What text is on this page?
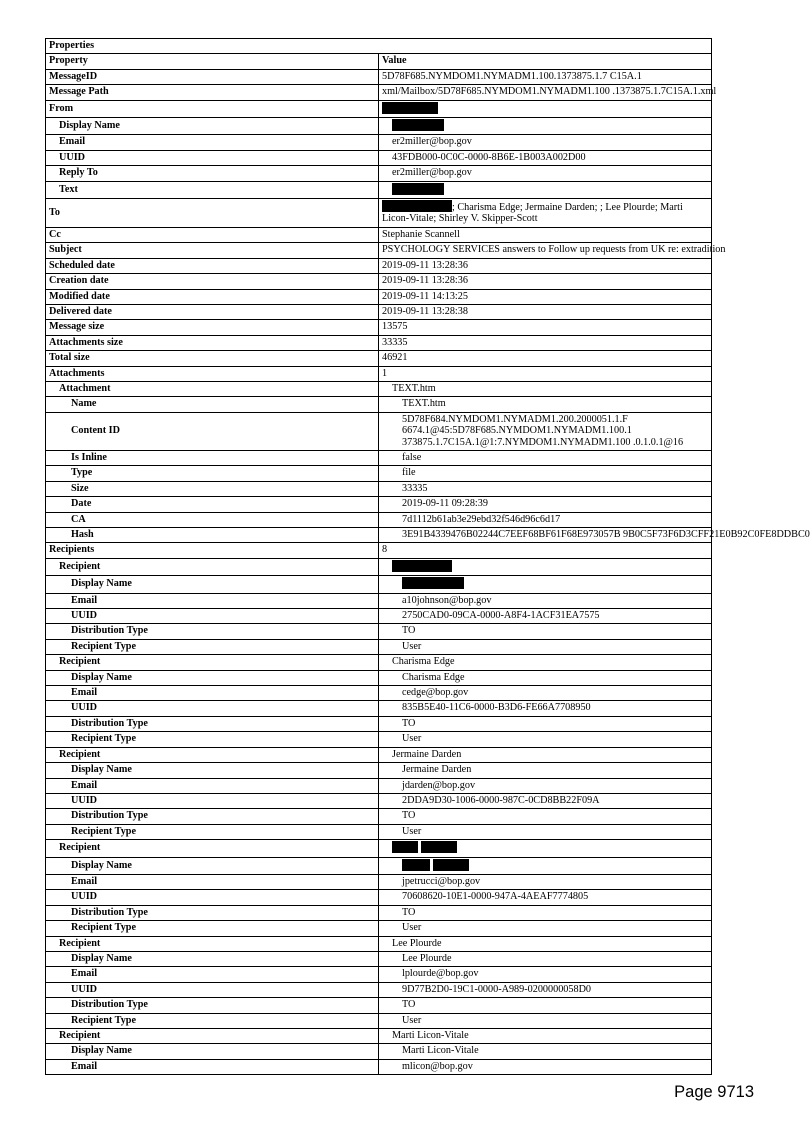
Properties	
Property	Value
MessageID	5D78F685.NYMDOM1.NYMADM1.100.1373875.1.7 C15A.1
Message Path	xml/Mailbox/5D78F685.NYMDOM1.NYMADM1.100 .1373875.1.7C15A.1.xml
From	
Display Name	
Email	er2miller@bop.gov
UUID	43FDB000-0C0C-0000-8B6E-1B003A002D00
Reply To	er2miller@bop.gov
Text	
To	; Charisma Edge; Jermaine Darden; ; Lee Plourde; Marti Licon-Vitale; Shirley V. Skipper-Scott
Cc	Stephanie Scannell
Subject	PSYCHOLOGY SERVICES answers to Follow up requests from UK re: extradition
Scheduled date	2019-09-11 13:28:36
Creation date	2019-09-11 13:28:36
Modified date	2019-09-11 14:13:25
Delivered date	2019-09-11 13:28:38
Message size	13575
Attachments size	33335
Total size	46921
Attachments	1
Attachment	TEXT.htm
Name	TEXT.htm
Content ID	5D78F684.NYMDOM1.NYMADM1.200.2000051.1.F
6674.1@45:5D78F685.NYMDOM1.NYMADM1.100.1
373875.1.7C15A.1@1:7.NYMDOM1.NYMADM1.100 .0.1.0.1@16
Is Inline	false
Type	file
Size	33335
Date	2019-09-11 09:28:39
CA	7d1112b61ab3e29ebd32f546d96c6d17
Hash	3E91B4339476B02244C7EEF68BF61F68E973057B 9B0C5F73F6D3CFF21E0B92C0FE8DDBC0
Recipients	8
Recipient	
Display Name	
Email	a10johnson@bop.gov
UUID	2750CAD0-09CA-0000-A8F4-1ACF31EA7575
Distribution Type	TO
Recipient Type	User
Recipient	Charisma Edge
Display Name	Charisma Edge
Email	cedge@bop.gov
UUID	835B5E40-11C6-0000-B3D6-FE66A7708950
Distribution Type	TO
Recipient Type	User
Recipient	Jermaine Darden
Display Name	Jermaine Darden
Email	jdarden@bop.gov
UUID	2DDA9D30-1006-0000-987C-0CD8BB22F09A
Distribution Type	TO
Recipient Type	User
Recipient	
Display Name	
Email	jpetrucci@bop.gov
UUID	70608620-10E1-0000-947A-4AEAF7774805
Distribution Type	TO
Recipient Type	User
Recipient	Lee Plourde
Display Name	Lee Plourde
Email	lplourde@bop.gov
UUID	9D77B2D0-19C1-0000-A989-0200000058D0
Distribution Type	TO
Recipient Type	User
Recipient	Marti Licon-Vitale
Display Name	Marti Licon-Vitale
Email	mlicon@bop.gov
Page 9713
